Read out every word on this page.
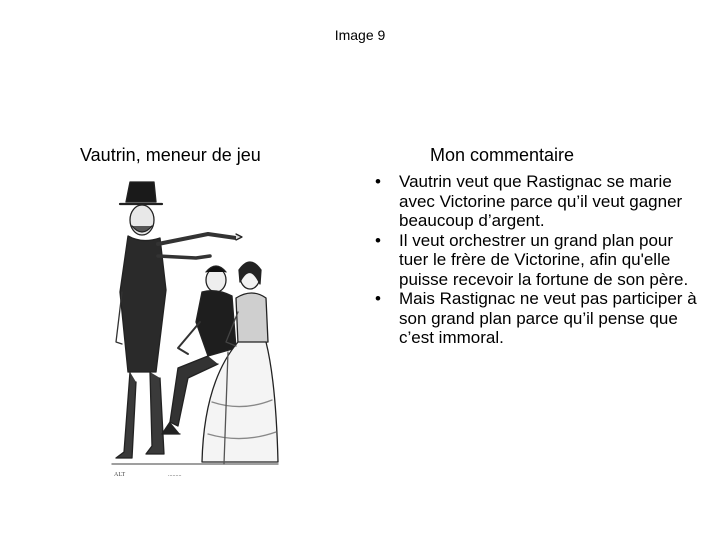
Image 9
Vautrin, meneur de jeu	Mon commentaire
ALT	.........
•	Vautrin veut que Rastignac se marie avec Victorine parce qu’il veut gagner beaucoup d’argent.
•	Il veut orchestrer un grand plan pour tuer le frère de Victorine, afin qu'elle puisse recevoir la fortune de son père.
•	Mais Rastignac ne veut pas participer à son grand plan parce qu’il pense que c’est immoral.
